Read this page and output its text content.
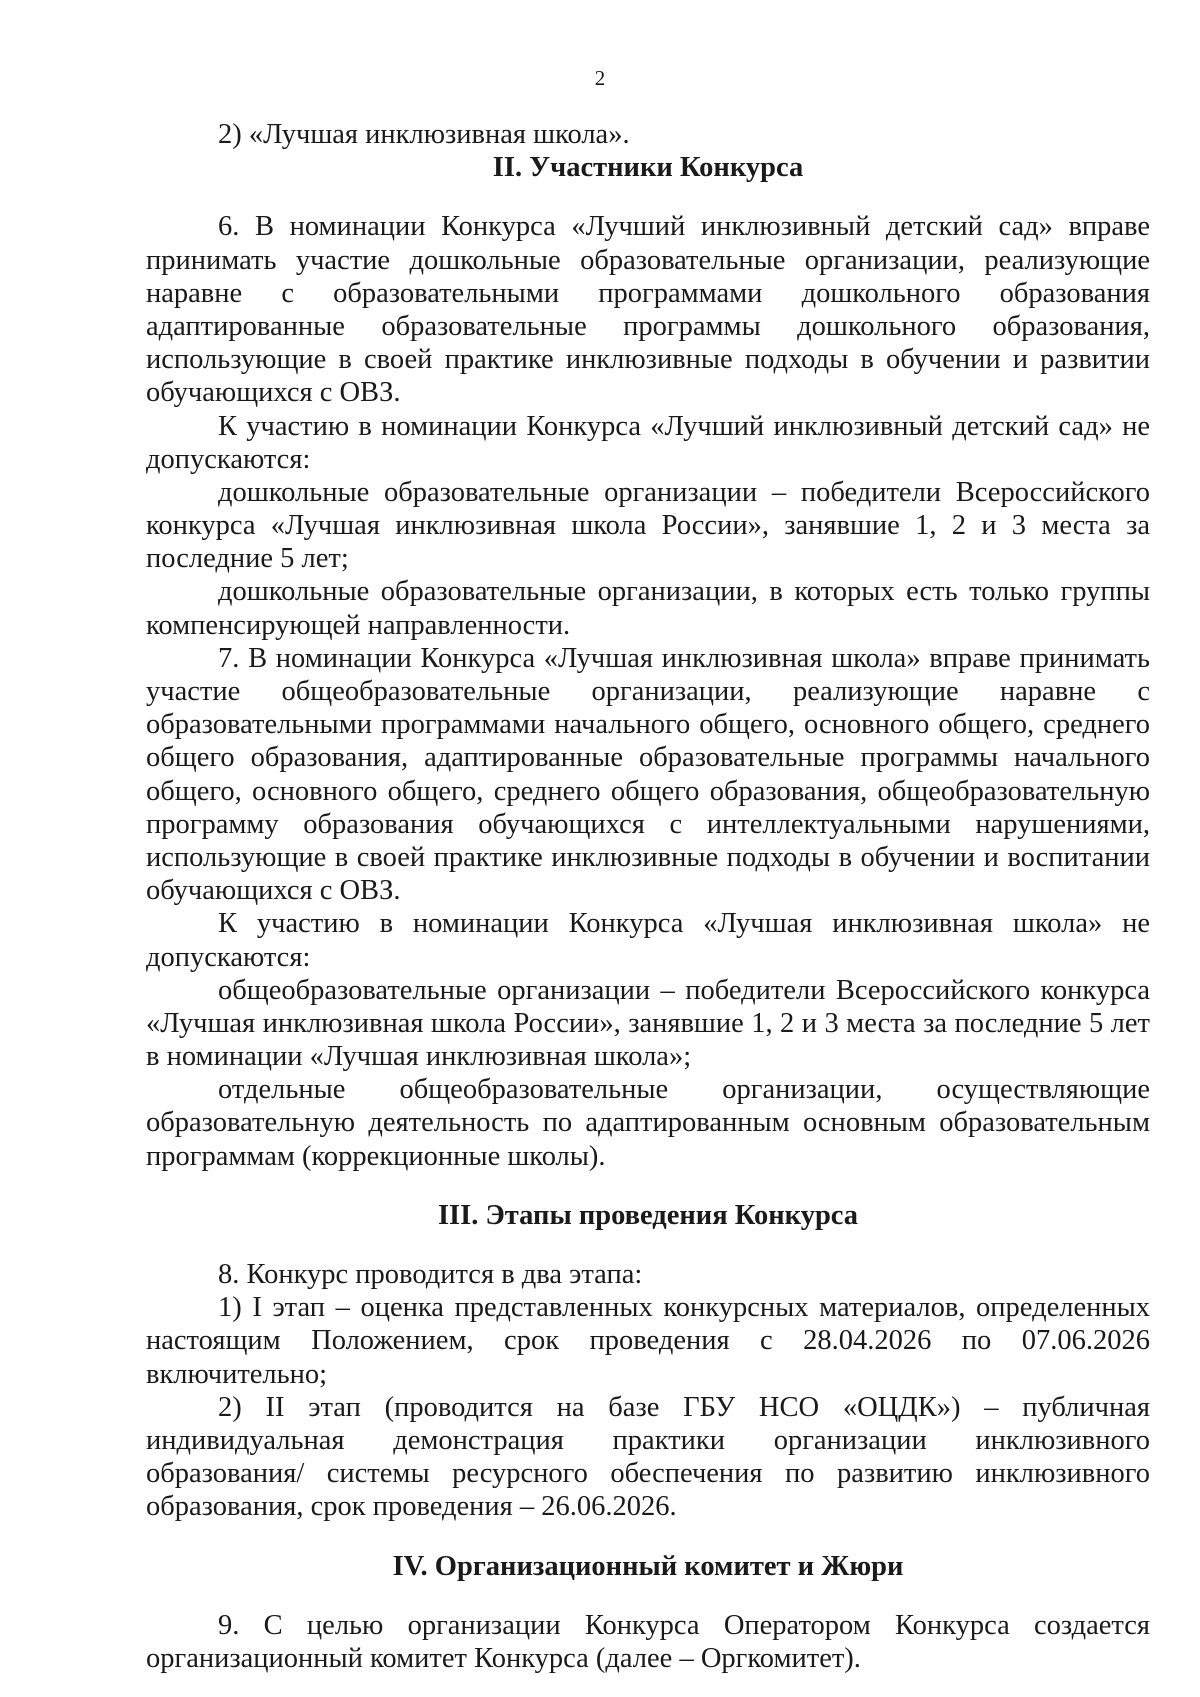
2
2) «Лучшая инклюзивная школа».
II. Участники Конкурса
6. В номинации Конкурса «Лучший инклюзивный детский сад» вправе
принимать участие дошкольные образовательные организации, реализующие
наравне с образовательными программами дошкольного образования
адаптированные образовательные программы дошкольного образования,
использующие в своей практике инклюзивные подходы в обучении и развитии
обучающихся с ОВЗ.
К участию в номинации Конкурса «Лучший инклюзивный детский сад» не
допускаются:
дошкольные образовательные организации – победители Всероссийского
конкурса «Лучшая инклюзивная школа России», занявшие 1, 2 и 3 места за
последние 5 лет;
дошкольные образовательные организации, в которых есть только группы
компенсирующей направленности.
7. В номинации Конкурса «Лучшая инклюзивная школа» вправе принимать
участие общеобразовательные организации, реализующие наравне с
образовательными программами начального общего, основного общего, среднего
общего образования, адаптированные образовательные программы начального
общего, основного общего, среднего общего образования, общеобразовательную
программу образования обучающихся с интеллектуальными нарушениями,
использующие в своей практике инклюзивные подходы в обучении и воспитании
обучающихся с ОВЗ.
К участию в номинации Конкурса «Лучшая инклюзивная школа» не
допускаются:
общеобразовательные организации – победители Всероссийского конкурса
«Лучшая инклюзивная школа России», занявшие 1, 2 и 3 места за последние 5 лет
в номинации «Лучшая инклюзивная школа»;
отдельные общеобразовательные организации, осуществляющие
образовательную деятельность по адаптированным основным образовательным
программам (коррекционные школы).
III. Этапы проведения Конкурса
8. Конкурс проводится в два этапа:
1) I этап – оценка представленных конкурсных материалов, определенных
настоящим Положением, срок проведения с 28.04.2026 по 07.06.2026
включительно;
2) II этап (проводится на базе ГБУ НСО «ОЦДК») – публичная
индивидуальная демонстрация практики организации инклюзивного
образования/ системы ресурсного обеспечения по развитию инклюзивного
образования, срок проведения – 26.06.2026.
IV. Организационный комитет и Жюри
9. С целью организации Конкурса Оператором Конкурса создается
организационный комитет Конкурса (далее – Оргкомитет).
